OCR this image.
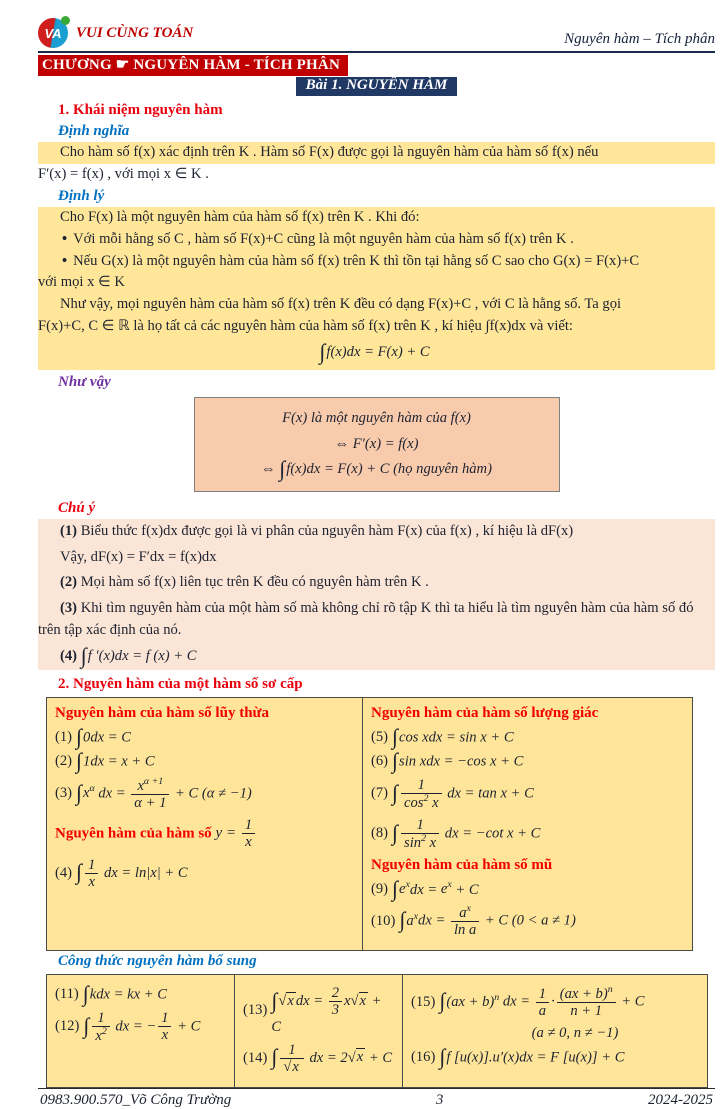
VA VUI CÙNG TOÁN	Nguyên hàm – Tích phân
CHƯƠNG ☛ NGUYÊN HÀM - TÍCH PHÂN
Bài 1. NGUYÊN HÀM
1. Khái niệm nguyên hàm
Định nghĩa

Cho hàm số f(x) xác định trên K . Hàm số F(x) được gọi là nguyên hàm của hàm số f(x) nếu

F′(x) = f(x) , với mọi x ∈ K .

Định lý

Cho F(x) là một nguyên hàm của hàm số f(x) trên K . Khi đó:

• Với mỗi hằng số C , hàm số F(x)+C cũng là một nguyên hàm của hàm số f(x) trên K .

• Nếu G(x) là một nguyên hàm của hàm số f(x) trên K thì tồn tại hằng số C sao cho G(x) = F(x)+C

với mọi x ∈ K

Như vậy, mọi nguyên hàm của hàm số f(x) trên K đều có dạng F(x)+C , với C là hằng số. Ta gọi

F(x)+C, C ∈ ℝ là họ tất cả các nguyên hàm của hàm số f(x) trên K , kí hiệu ∫f(x)dx và viết:

∫f(x)dx = F(x) + C

Như vậy
F(x) là một nguyên hàm của f(x)
⇔ F′(x) = f(x)
⇔ ∫f(x)dx = F(x) + C (họ nguyên hàm)
Chú ý

(1) Biểu thức f(x)dx được gọi là vi phân của nguyên hàm F(x) của f(x) , kí hiệu là dF(x)

Vậy, dF(x) = F′dx = f(x)dx

(2) Mọi hàm số f(x) liên tục trên K đều có nguyên hàm trên K .

(3) Khi tìm nguyên hàm của một hàm số mà không chỉ rõ tập K thì ta hiểu là tìm nguyên hàm của hàm số đó trên tập xác định của nó.

(4) ∫f ′(x)dx = f (x) + C

2. Nguyên hàm của một hàm số sơ cấp
Nguyên hàm của hàm số lũy thừa
(1) ∫0dx = C
(2) ∫1dx = x + C
(3) $\int x^\alpha$ dx = $\frac{x^{\alpha +1}}{\alpha + 1} + C$ (α ≠ −1)
Nguyên hàm của hàm số $y = \frac{1}{x}$
(4) ∫ $\frac{1}{x}$ dx = ln|x| + C
Nguyên hàm của hàm số lượng giác
(5) ∫cos xdx = sin x + C
(6) ∫sin xdx = −cos x + C
(7) ∫ $\frac{1}{\cos^2 x}$ dx = tan x + C
(8) ∫ $\frac{1}{\sin^2 x}$ dx = −cot x + C
Nguyên hàm của hàm số mũ
(9) $\int e^xdx = e^x + C$
(10) $\int a^xdx = \frac{a^x}{\text{ln a}} + C$ (0 < a ≠ 1)
Công thức nguyên hàm bổ sung
(11) ∫kdx = kx + C
(12) ∫ $\frac{1}{x^2}$ dx = − $\frac{1}{x} + C$
(13) ∫√x dx = $\frac{2}{3} x√x + C$
(14) ∫ $\frac{1}{√x}$ dx = 2√x + C
(15) ∫(ax + b)$^n$ dx = $\frac{1}{a} \cdot \frac{(ax + b)^n}{n + 1} + C$
(a ≠ 0, n ≠ −1)
(16) ∫f [u(x)].u′(x)dx = F [u(x)] + C
0983.900.570_Võ Công Trường	3	2024-2025
